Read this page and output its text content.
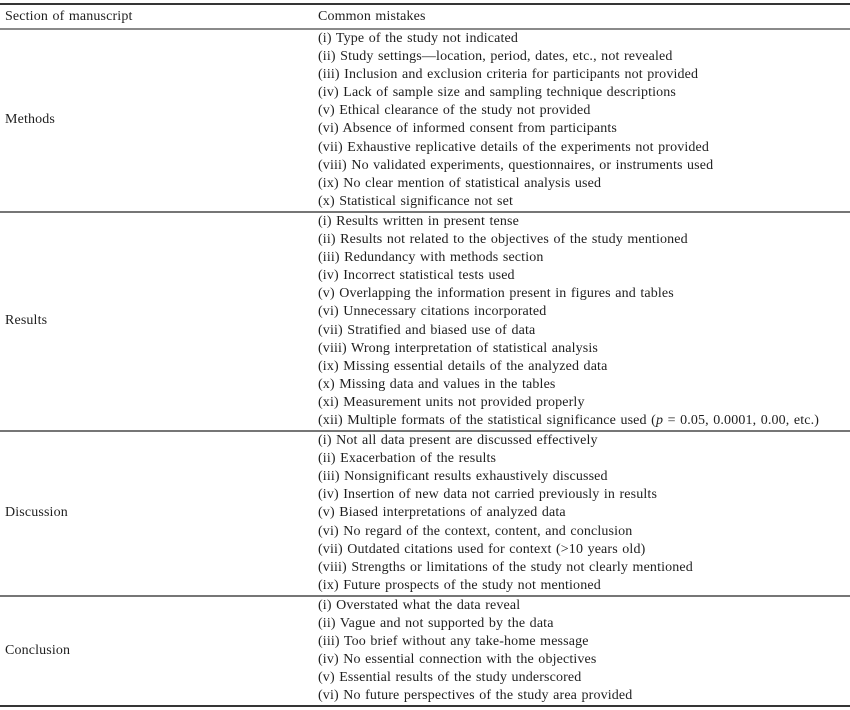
Section of manuscript	Common mistakes
Methods
(i) Type of the study not indicated
(ii) Study settings—location, period, dates, etc., not revealed
(iii) Inclusion and exclusion criteria for participants not provided
(iv) Lack of sample size and sampling technique descriptions
(v) Ethical clearance of the study not provided
(vi) Absence of informed consent from participants
(vii) Exhaustive replicative details of the experiments not provided
(viii) No validated experiments, questionnaires, or instruments used
(ix) No clear mention of statistical analysis used
(x) Statistical significance not set
Results
(i) Results written in present tense
(ii) Results not related to the objectives of the study mentioned
(iii) Redundancy with methods section
(iv) Incorrect statistical tests used
(v) Overlapping the information present in figures and tables
(vi) Unnecessary citations incorporated
(vii) Stratified and biased use of data
(viii) Wrong interpretation of statistical analysis
(ix) Missing essential details of the analyzed data
(x) Missing data and values in the tables
(xi) Measurement units not provided properly
(xii) Multiple formats of the statistical significance used (p = 0.05, 0.0001, 0.00, etc.)
Discussion
(i) Not all data present are discussed effectively
(ii) Exacerbation of the results
(iii) Nonsignificant results exhaustively discussed
(iv) Insertion of new data not carried previously in results
(v) Biased interpretations of analyzed data
(vi) No regard of the context, content, and conclusion
(vii) Outdated citations used for context (>10 years old)
(viii) Strengths or limitations of the study not clearly mentioned
(ix) Future prospects of the study not mentioned
Conclusion
(i) Overstated what the data reveal
(ii) Vague and not supported by the data
(iii) Too brief without any take-home message
(iv) No essential connection with the objectives
(v) Essential results of the study underscored
(vi) No future perspectives of the study area provided
